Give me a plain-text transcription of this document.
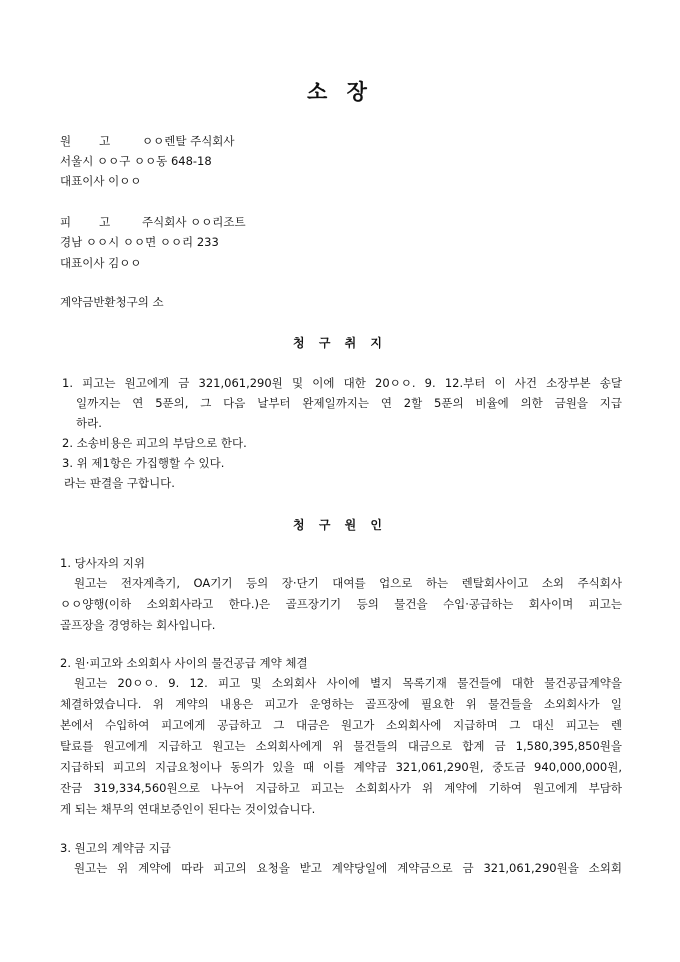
소 장
원고 ㅇㅇ렌탈 주식회사
서울시 ㅇㅇ구 ㅇㅇ동 648-18
대표이사 이ㅇㅇ
피고 주식회사 ㅇㅇ리조트
경남 ㅇㅇ시 ㅇㅇ면 ㅇㅇ리 233
대표이사 김ㅇㅇ
계약금반환청구의 소
청 구 취 지
1. 피고는 원고에게 금 321,061,290원 및 이에 대한 20ㅇㅇ. 9. 12.부터 이 사건 소장부본 송달
일까지는 연 5푼의, 그 다음 날부터 완제일까지는 연 2할 5푼의 비율에 의한 금원을 지급
하라.
2. 소송비용은 피고의 부담으로 한다.
3. 위 제1항은 가집행할 수 있다.
라는 판결을 구합니다.
청 구 원 인
1. 당사자의 지위
원고는 전자계측기, OA기기 등의 장·단기 대여를 업으로 하는 렌탈회사이고 소외 주식회사
ㅇㅇ양행(이하 소외회사라고 한다.)은 골프장기기 등의 물건을 수입·공급하는 회사이며 피고는
골프장을 경영하는 회사입니다.
2. 원·피고와 소외회사 사이의 물건공급 계약 체결
원고는 20ㅇㅇ. 9. 12. 피고 및 소외회사 사이에 별지 목록기재 물건들에 대한 물건공급계약을
체결하였습니다. 위 계약의 내용은 피고가 운영하는 골프장에 필요한 위 물건들을 소외회사가 일
본에서 수입하여 피고에게 공급하고 그 대금은 원고가 소외회사에 지급하며 그 대신 피고는 렌
탈료를 원고에게 지급하고 원고는 소외회사에게 위 물건들의 대금으로 합계 금 1,580,395,850원을
지급하되 피고의 지급요청이나 동의가 있을 때 이를 계약금 321,061,290원, 중도금 940,000,000원,
잔금 319,334,560원으로 나누어 지급하고 피고는 소회회사가 위 계약에 기하여 원고에게 부담하
게 되는 채무의 연대보증인이 된다는 것이었습니다.
3. 원고의 계약금 지급
원고는 위 계약에 따라 피고의 요청을 받고 계약당일에 계약금으로 금 321,061,290원을 소외회
